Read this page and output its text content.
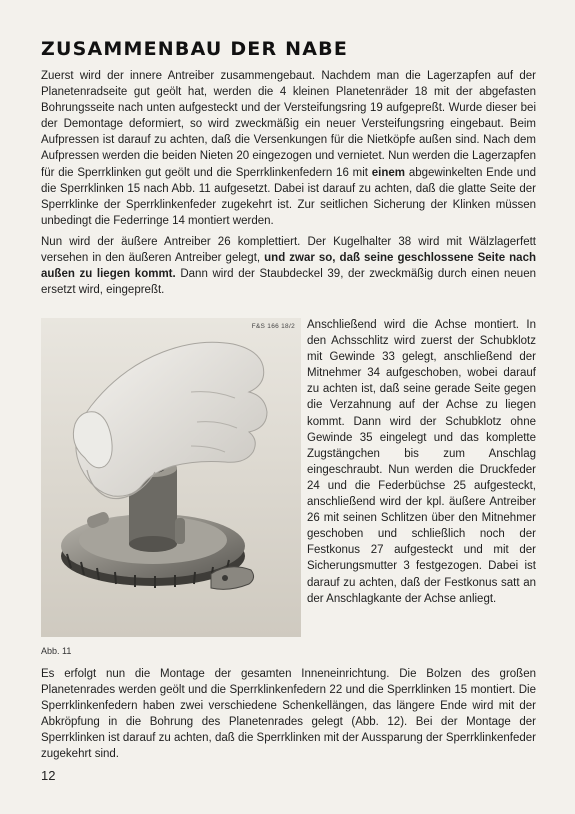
ZUSAMMENBAU DER NABE

Zuerst wird der innere Antreiber zusammengebaut. Nachdem man die Lagerzapfen auf der Planetenradseite gut geölt hat, werden die 4 kleinen Planetenräder 18 mit der abgefasten Bohrungsseite nach unten aufgesteckt und der Versteifungsring 19 aufgepreßt. Wurde dieser bei der Demontage deformiert, so wird zweckmäßig ein neuer Versteifungsring eingebaut. Beim Aufpressen ist darauf zu achten, daß die Versenkungen für die Nietköpfe außen sind. Nach dem Aufpressen werden die beiden Nieten 20 eingezogen und vernietet. Nun werden die Lagerzapfen für die Sperrklinken gut geölt und die Sperrklinkenfedern 16 mit einem abgewinkelten Ende und die Sperrklinken 15 nach Abb. 11 aufgesetzt. Dabei ist darauf zu achten, daß die glatte Seite der Sperrklinke der Sperrklinkenfeder zugekehrt ist. Zur seitlichen Sicherung der Klinken müssen unbedingt die Federringe 14 montiert werden.

Nun wird der äußere Antreiber 26 komplettiert. Der Kugelhalter 38 wird mit Wälzlagerfett versehen in den äußeren Antreiber gelegt, und zwar so, daß seine geschlossene Seite nach außen zu liegen kommt. Dann wird der Staubdeckel 39, der zweckmäßig durch einen neuen ersetzt wird, eingepreßt.

F&S 166 18/2 Anschließend wird die Achse montiert. In den Achsschlitz wird zuerst der Schubklotz mit Gewinde 33 gelegt, anschließend der Mitnehmer 34 aufgeschoben, wobei darauf zu achten ist, daß seine gerade Seite gegen die Verzahnung auf der Achse zu liegen kommt. Dann wird der Schubklotz ohne Gewinde 35 eingelegt und das komplette Zugstängchen bis zum Anschlag eingeschraubt. Nun werden die Druckfeder 24 und die Federbüchse 25 aufgesteckt, anschließend wird der kpl. äußere Antreiber 26 mit seinen Schlitzen über den Mitnehmer geschoben und schließlich noch der Festkonus 27 aufgesteckt und mit der Sicherungsmutter 3 festgezogen. Dabei ist darauf zu achten, daß der Festkonus satt an der Anschlagkante der Achse anliegt.

Abb. 11

Es erfolgt nun die Montage der gesamten Inneneinrichtung. Die Bolzen des großen Planetenrades werden geölt und die Sperrklinkenfedern 22 und die Sperrklinken 15 montiert. Die Sperrklinkenfedern haben zwei verschiedene Schenkellängen, das längere Ende wird mit der Abkröpfung in die Bohrung des Planetenrades gelegt (Abb. 12). Bei der Montage der Sperrklinken ist darauf zu achten, daß die Sperrklinken mit der Aussparung der Sperrklinkenfeder zugekehrt sind.

12
